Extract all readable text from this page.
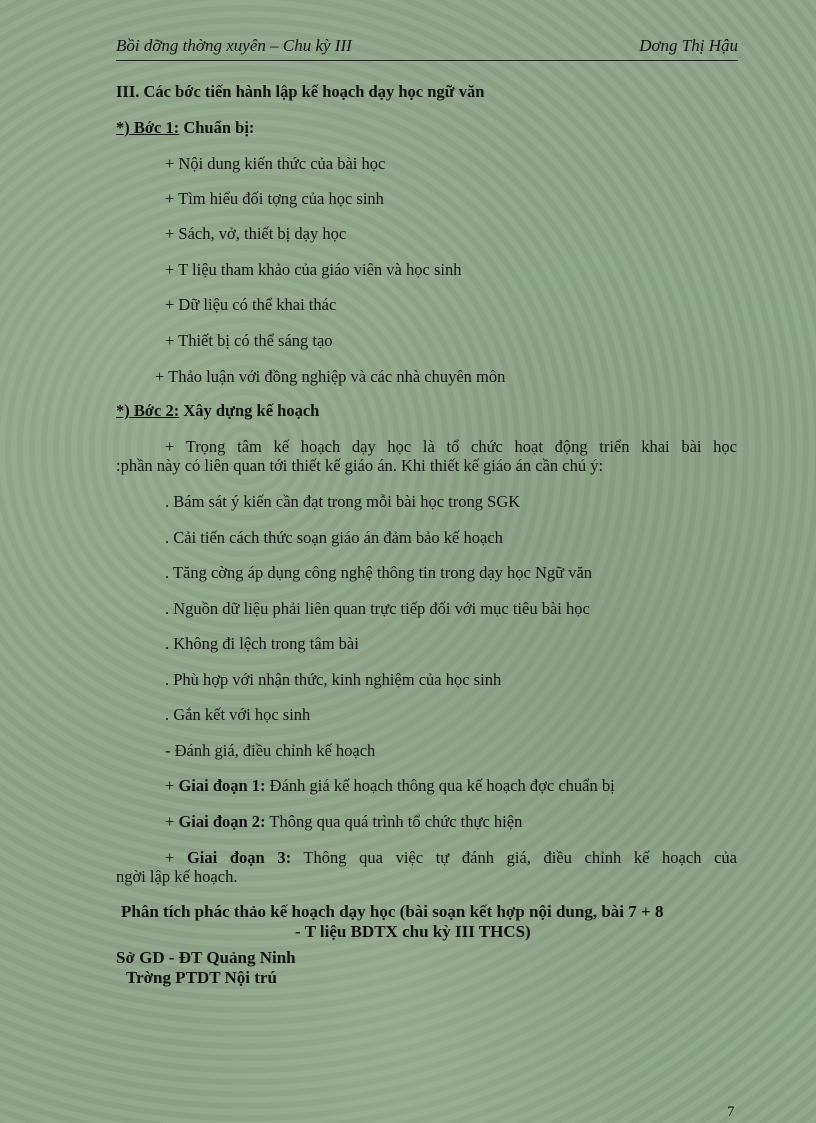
Bồi dỡng thờng xuyên – Chu kỳ III	Dơng Thị Hậu
III. Các bớc tiến hành lập kế hoạch dạy học ngữ văn
*) Bớc 1: Chuẩn bị:
+ Nội dung kiến thức của bài học
+ Tìm hiểu đối tợng của học sinh
+ Sách, vở, thiết bị dạy học
+ T liệu tham khảo của giáo viên và học sinh
+ Dữ liệu có thể khai thác
+ Thiết bị có thể sáng tạo
+ Thảo luận với đồng nghiệp và các nhà chuyên môn
*) Bớc 2: Xây dựng kế hoạch
+ Trọng tâm kế hoạch dạy học là tổ chức hoạt động triển khai bài học
:phần này có liên quan tới thiết kế giáo án. Khi thiết kế giáo án cần chú ý:
. Bám sát ý kiến cần đạt trong mỗi bài học trong SGK
. Cải tiến cách thức soạn giáo án đảm bảo kế hoạch
. Tăng cờng áp dụng công nghệ thông tin trong dạy học Ngữ văn
. Nguồn dữ liệu phải liên quan trực tiếp đối với mục tiêu bài học
. Không đi lệch trong tâm bài
. Phù hợp với nhận thức, kinh nghiệm của học sinh
. Gắn kết với học sinh
- Đánh giá, điều chỉnh kế hoạch
+ Giai đoạn 1: Đánh giá kế hoạch thông qua kế hoạch đợc chuẩn bị
+ Giai đoạn 2: Thông qua quá trình tổ chức thực hiện
+ Giai đoạn 3: Thông qua việc tự đánh giá, điều chỉnh kế hoạch của
ngời lập kế hoạch.
Phân tích phác thảo kế hoạch dạy học (bài soạn kết hợp nội dung, bài 7 + 8
- T liệu BDTX chu kỳ III THCS)
Sở GD - ĐT Quảng Ninh
Trờng PTDT Nội trú
7
